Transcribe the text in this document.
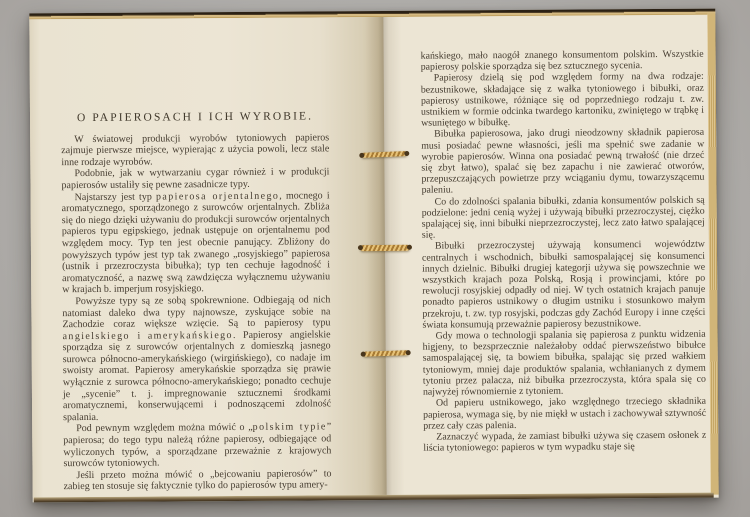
O PAPIEROSACH I ICH WYROBIE.

W światowej produkcji wyrobów tytoniowych papieros zajmuje pierwsze miejsce, wypierając z użycia powoli, lecz stale inne rodzaje wyrobów.

Podobnie, jak w wytwarzaniu cygar również i w produkcji papierosów ustaliły się pewne zasadnicze typy.

Najstarszy jest typ papierosa orjentalnego, mocnego i aromatycznego, sporządzonego z surowców orjentalnych. Zbliża się do niego dzięki używaniu do produkcji surowców orjentalnych papieros typu egipskiego, jednak ustępuje on orjentalnemu pod względem mocy. Typ ten jest obecnie panujący. Zbliżony do powyższych typów jest typ tak zwanego „rosyjskiego” papierosa (ustnik i przezroczysta bibułka); typ ten cechuje łagodność i aromatyczność, a nazwę swą zawdzięcza wyłącznemu używaniu w krajach b. imperjum rosyjskiego.

Powyższe typy są ze sobą spokrewnione. Odbiegają od nich natomiast daleko dwa typy najnowsze, zyskujące sobie na Zachodzie coraz większe wzięcie. Są to papierosy typu angielskiego i amerykańskiego. Papierosy angielskie sporządza się z surowców orjentalnych z domieszką jasnego surowca północno-amerykańskiego (wirgińskiego), co nadaje im swoisty aromat. Papierosy amerykańskie sporządza się prawie wyłącznie z surowca północno-amerykańskiego; ponadto cechuje je „sycenie” t. j. impregnowanie sztucznemi środkami aromatycznemi, konserwującemi i podnoszącemi zdolność spalania.

Pod pewnym względem można mówić o „polskim typie” papierosa; do tego typu należą różne papierosy, odbiegające od wyliczonych typów, a sporządzane przeważnie z krajowych surowców tytoniowych.

Jeśli przeto można mówić o „bejcowaniu papierosów” to zabieg ten stosuje się faktycznie tylko do papierosów typu amery-

kańskiego, mało naogół znanego konsumentom polskim. Wszystkie papierosy polskie sporządza się bez sztucznego sycenia.

Papierosy dzielą się pod względem formy na dwa rodzaje: bezustnikowe, składające się z wałka tytoniowego i bibułki, oraz papierosy ustnikowe, różniące się od poprzedniego rodzaju t. zw. ustnikiem w formie odcinka twardego kartoniku, zwiniętego w trąbkę i wsuniętego w bibułkę.

Bibułka papierosowa, jako drugi nieodzowny składnik papierosa musi posiadać pewne własności, jeśli ma spełnić swe zadanie w wyrobie papierosów. Winna ona posiadać pewną trwałość (nie drzeć się zbyt łatwo), spalać się bez zapachu i nie zawierać otworów, przepuszczających powietrze przy wciąganiu dymu, towarzyszącemu paleniu.

Co do zdolności spalania bibułki, zdania konsumentów polskich są podzielone: jedni cenią wyżej i używają bibułki przezroczystej, ciężko spalającej się, inni bibułki nieprzezroczystej, lecz zato łatwo spalającej się.

Bibułki przezroczystej używają konsumenci województw centralnych i wschodnich, bibułki samospalającej się konsumenci innych dzielnic. Bibułki drugiej kategorji używa się powszechnie we wszystkich krajach poza Polską, Rosją i prowincjami, które po rewolucji rosyjskiej odpadły od niej. W tych ostatnich krajach panuje ponadto papieros ustnikowy o długim ustniku i stosunkowo małym przekroju, t. zw. typ rosyjski, podczas gdy Zachód Europy i inne części świata konsumują przeważnie papierosy bezustnikowe.

Gdy mowa o technologji spalania się papierosa z punktu widzenia higjeny, to bezsprzecznie należałoby oddać pierwszeństwo bibułce samospalającej się, ta bowiem bibułka, spalając się przed wałkiem tytoniowym, mniej daje produktów spalania, wchłanianych z dymem tytoniu przez palacza, niż bibułka przezroczysta, która spala się co najwyżej równomiernie z tytoniem.

Od papieru ustnikowego, jako względnego trzeciego składnika papierosa, wymaga się, by nie miękł w ustach i zachowywał sztywność przez cały czas palenia.

Zaznaczyć wypada, że zamiast bibułki używa się czasem osłonek z liścia tytoniowego: papieros w tym wypadku staje się
